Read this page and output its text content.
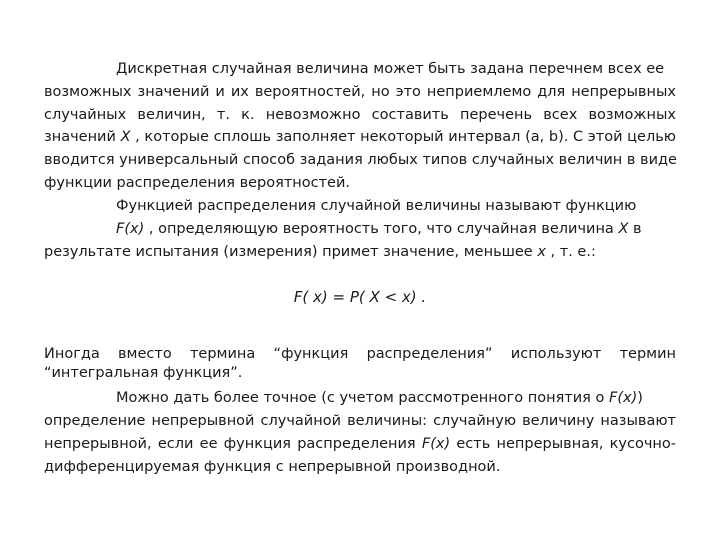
Дискретная случайная величина может быть задана перечнем всех ее
возможных значений и их вероятностей, но это неприемлемо для непрерывных
случайных величин, т. к. невозможно составить перечень всех возможных
значений X , которые сплошь заполняет некоторый интервал (a, b). С этой целью
вводится универсальный способ задания любых типов случайных величин в виде
функции распределения вероятностей.
Функцией распределения случайной величины называют функцию
F(x) , определяющую вероятность того, что случайная величина X в
результате испытания (измерения) примет значение, меньшее x , т. е.:
F( x) = P( X < x) .
Иногда вместо термина “функция распределения” используют термин
“интегральная функция”.
Можно дать более точное (с учетом рассмотренного понятия о F(x))
определение непрерывной случайной величины: случайную величину называют
непрерывной, если ее функция распределения F(x) есть непрерывная, кусочно-
дифференцируемая функция с непрерывной производной.
